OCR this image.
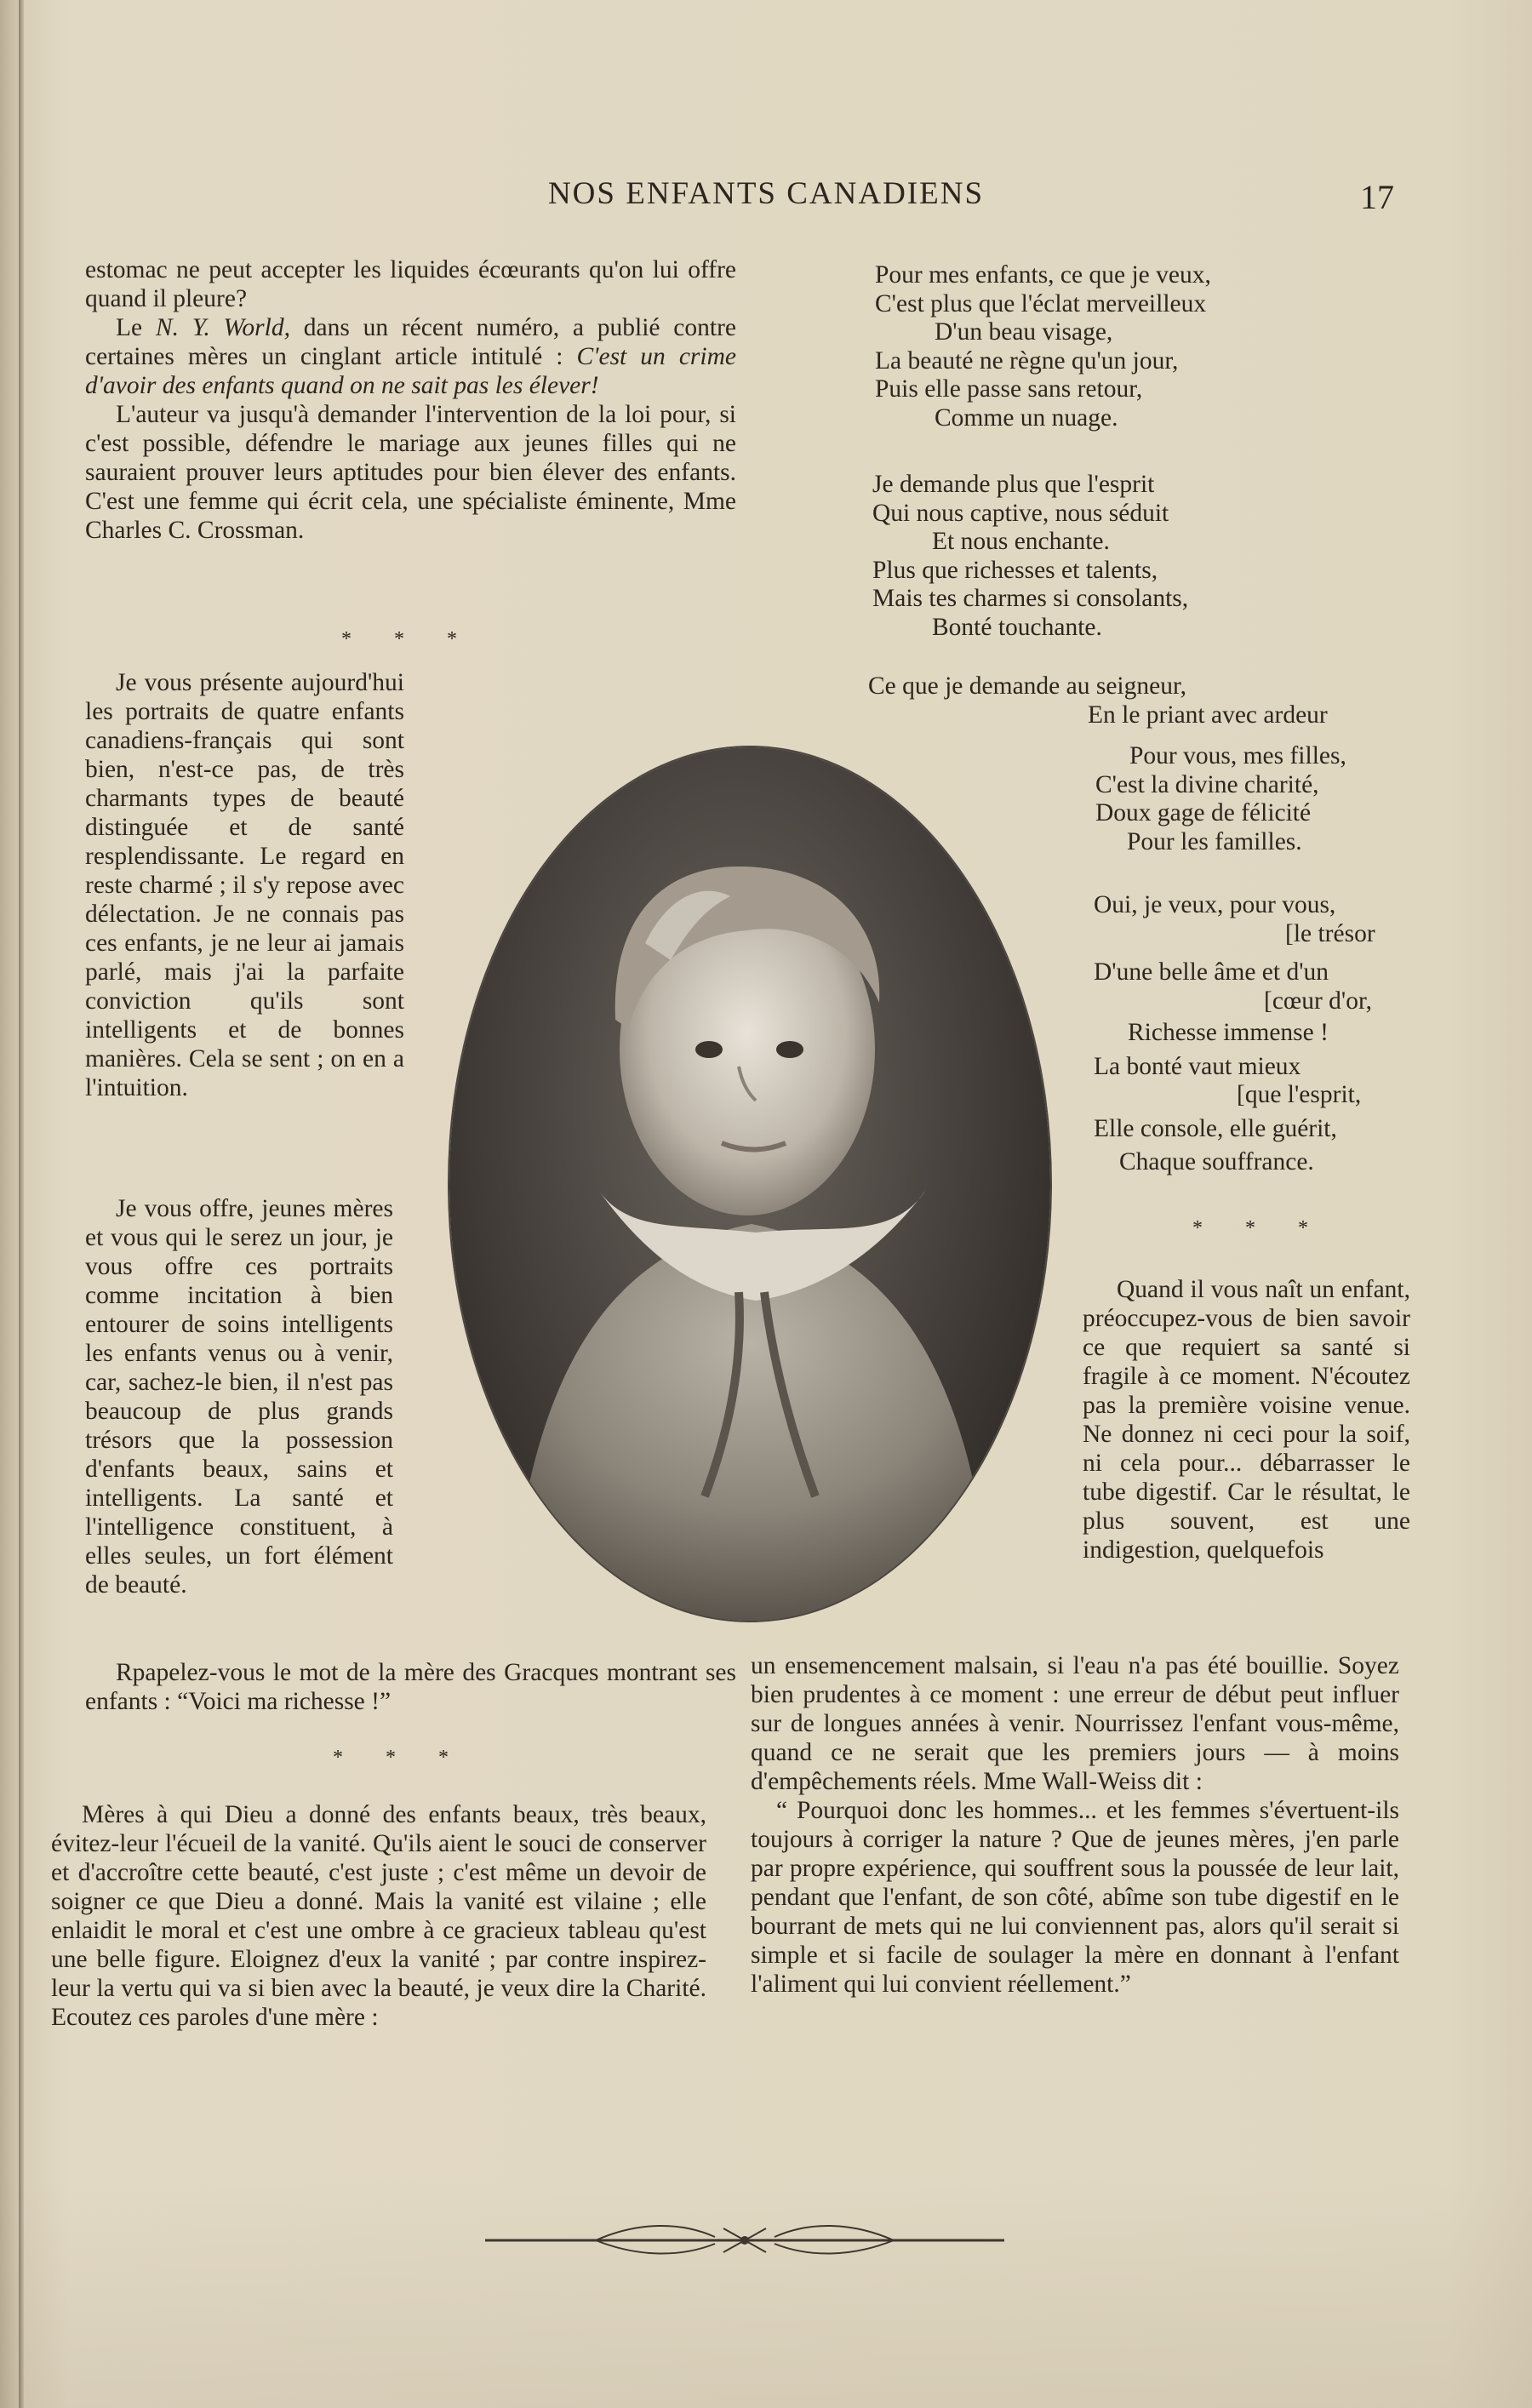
NOS ENFANTS CANADIENS	17

estomac ne peut accepter les liquides écœurants qu'on lui offre quand il pleure?

Le N. Y. World, dans un récent numéro, a publié contre certaines mères un cinglant article intitulé : C'est un crime d'avoir des enfants quand on ne sait pas les élever!

L'auteur va jusqu'à demander l'intervention de la loi pour, si c'est possible, défendre le mariage aux jeunes filles qui ne sauraient prouver leurs aptitudes pour bien élever des enfants. C'est une femme qui écrit cela, une spécialiste éminente, Mme Charles C. Crossman.

* * *

Je vous présente aujourd'hui les portraits de quatre enfants canadiens-français qui sont bien, n'est-ce pas, de très charmants types de beauté distinguée et de santé resplendissante. Le regard en reste charmé ; il s'y repose avec délectation. Je ne connais pas ces enfants, je ne leur ai jamais parlé, mais j'ai la parfaite conviction qu'ils sont intelligents et de bonnes manières. Cela se sent ; on en a l'intuition.

Je vous offre, jeunes mères et vous qui le serez un jour, je vous offre ces portraits comme incitation à bien entourer de soins intelligents les enfants venus ou à venir, car, sachez-le bien, il n'est pas beaucoup de plus grands trésors que la possession d'enfants beaux, sains et intelligents. La santé et l'intelligence constituent, à elles seules, un fort élément de beauté.

Rpapelez-vous le mot de la mère des Gracques montrant ses enfants : “Voici ma richesse !”

* * *

Mères à qui Dieu a donné des enfants beaux, très beaux, évitez-leur l'écueil de la vanité. Qu'ils aient le souci de conserver et d'accroître cette beauté, c'est juste ; c'est même un devoir de soigner ce que Dieu a donné. Mais la vanité est vilaine ; elle enlaidit le moral et c'est une ombre à ce gracieux tableau qu'est une belle figure. Eloignez d'eux la vanité ; par contre inspirez-leur la vertu qui va si bien avec la beauté, je veux dire la Charité. Ecoutez ces paroles d'une mère :

Pour mes enfants, ce que je veux,
C'est plus que l'éclat merveilleux
D'un beau visage,
La beauté ne règne qu'un jour,
Puis elle passe sans retour,
Comme un nuage.
Je demande plus que l'esprit
Qui nous captive, nous séduit
Et nous enchante.
Plus que richesses et talents,
Mais tes charmes si consolants,
Bonté touchante.
Ce que je demande au seigneur,
En le priant avec ardeur
Pour vous, mes filles,
C'est la divine charité,
Doux gage de félicité
Pour les familles.
Oui, je veux, pour vous,
[le trésor
D'une belle âme et d'un
[cœur d'or,
Richesse immense !
La bonté vaut mieux
[que l'esprit,
Elle console, elle guérit,
Chaque souffrance.
* * *

Quand il vous naît un enfant, préoccupez-vous de bien savoir ce que requiert sa santé si fragile à ce moment. N'écoutez pas la première voisine venue. Ne donnez ni ceci pour la soif, ni cela pour... débarrasser le tube digestif. Car le résultat, le plus souvent, est une indigestion, quelquefois

un ensemencement malsain, si l'eau n'a pas été bouillie. Soyez bien prudentes à ce moment : une erreur de début peut influer sur de longues années à venir. Nourrissez l'enfant vous-même, quand ce ne serait que les premiers jours — à moins d'empêchements réels. Mme Wall-Weiss dit :

“ Pourquoi donc les hommes... et les femmes s'évertuent-ils toujours à corriger la nature ? Que de jeunes mères, j'en parle par propre expérience, qui souffrent sous la poussée de leur lait, pendant que l'enfant, de son côté, abîme son tube digestif en le bourrant de mets qui ne lui conviennent pas, alors qu'il serait si simple et si facile de soulager la mère en donnant à l'enfant l'aliment qui lui convient réellement.”
